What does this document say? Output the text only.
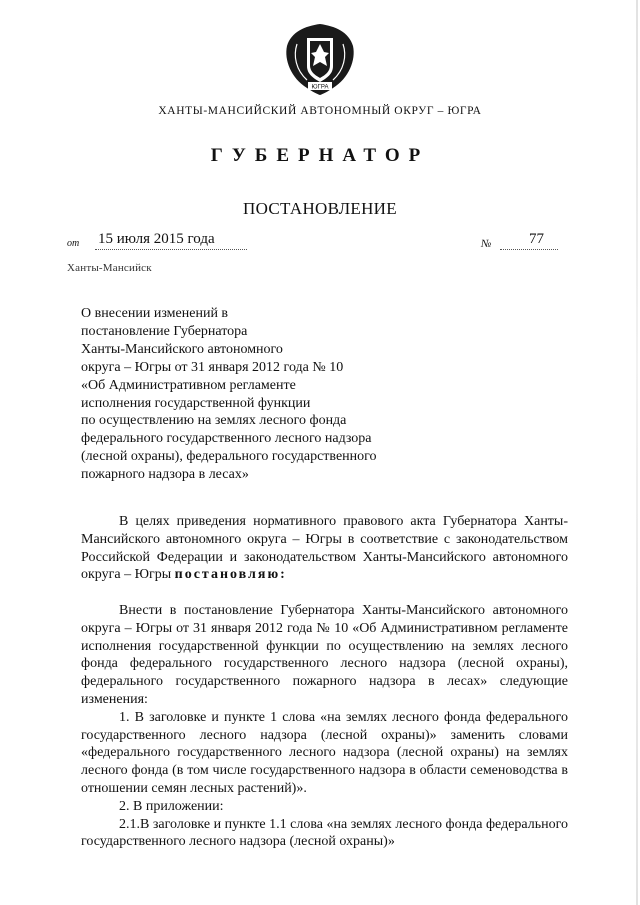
ЮГРА
ХАНТЫ-МАНСИЙСКИЙ АВТОНОМНЫЙ ОКРУГ – ЮГРА
ГУБЕРНАТОР
ПОСТАНОВЛЕНИЕ
от 15 июля 2015 года	№	77
Ханты-Мансийск
О внесении изменений в
постановление Губернатора
Ханты-Мансийского автономного
округа – Югры от 31 января 2012 года № 10
«Об Административном регламенте
исполнения государственной функции
по осуществлению на землях лесного фонда
федерального государственного лесного надзора
(лесной охраны), федерального государственного
пожарного надзора в лесах»

В целях приведения нормативного правового акта Губернатора Ханты-Мансийского автономного округа – Югры в соответствие с законодательством Российской Федерации и законодательством Ханты-Мансийского автономного округа – Югры постановляю:

Внести в постановление Губернатора Ханты-Мансийского автономного округа – Югры от 31 января 2012 года № 10 «Об Административном регламенте исполнения государственной функции по осуществлению на землях лесного фонда федерального государственного лесного надзора (лесной охраны), федерального государственного пожарного надзора в лесах» следующие изменения:

1. В заголовке и пункте 1 слова «на землях лесного фонда федерального государственного лесного надзора (лесной охраны)» заменить словами «федерального государственного лесного надзора (лесной охраны) на землях лесного фонда (в том числе государственного надзора в области семеноводства в отношении семян лесных растений)».

2. В приложении:

2.1.В заголовке и пункте 1.1 слова «на землях лесного фонда федерального государственного лесного надзора (лесной охраны)»
